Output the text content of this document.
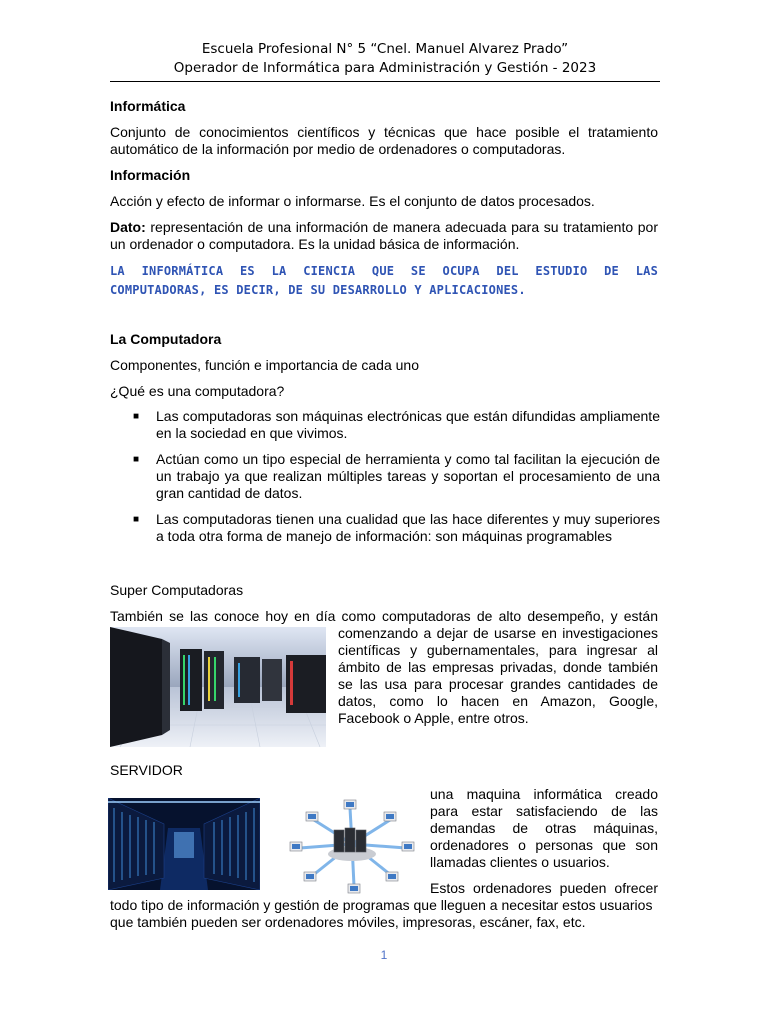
Escuela Profesional N° 5 “Cnel. Manuel Alvarez Prado”
Operador de Informática para Administración y Gestión - 2023
Informática
Conjunto de conocimientos científicos y técnicas que hace posible el tratamiento automático de la información por medio de ordenadores o computadoras.
Información
Acción y efecto de informar o informarse. Es el conjunto de datos procesados.
Dato: representación de una información de manera adecuada para su tratamiento por un ordenador o computadora. Es la unidad básica de información.
LA INFORMÁTICA ES LA CIENCIA QUE SE OCUPA DEL ESTUDIO DE LAS COMPUTADORAS, ES DECIR, DE SU DESARROLLO Y APLICACIONES.
La Computadora
Componentes, función e importancia de cada uno
¿Qué es una computadora?
■ Las computadoras son máquinas electrónicas que están difundidas ampliamente en la sociedad en que vivimos.
■ Actúan como un tipo especial de herramienta y como tal facilitan la ejecución de un trabajo ya que realizan múltiples tareas y soportan el procesamiento de una gran cantidad de datos.
■ Las computadoras tienen una cualidad que las hace diferentes y muy superiores a toda otra forma de manejo de información: son máquinas programables
Super Computadoras
También se las conoce hoy en día como computadoras de alto desempeño, y están
comenzando a dejar de usarse en investigaciones científicas y gubernamentales, para ingresar al ámbito de las empresas privadas, donde también se las usa para procesar grandes cantidades de datos, como lo hacen en Amazon, Google, Facebook o Apple, entre otros.
SERVIDOR
una maquina informática creado para estar satisfaciendo de las demandas de otras máquinas, ordenadores o personas que son llamadas clientes o usuarios.
Estos ordenadores pueden ofrecer
todo tipo de información y gestión de programas que lleguen a necesitar estos usuarios que también pueden ser ordenadores móviles, impresoras, escáner, fax, etc.
1
